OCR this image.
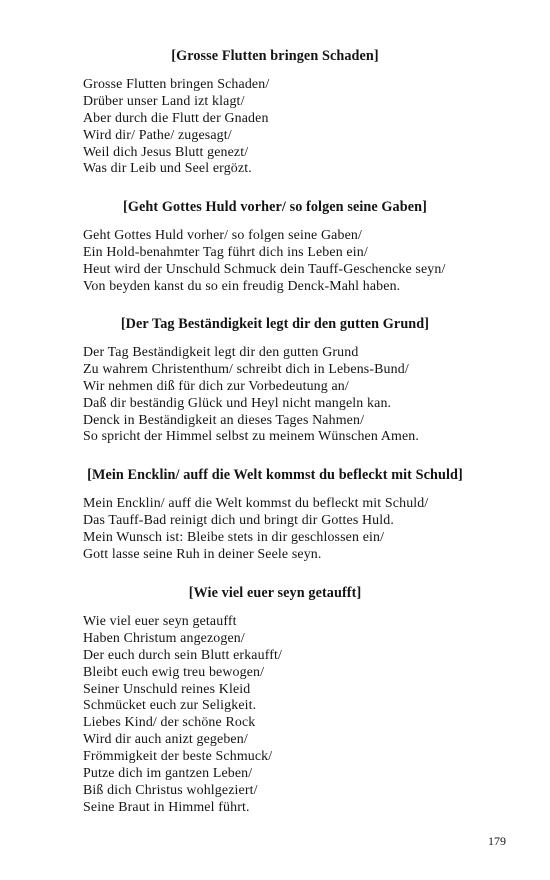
[Grosse Flutten bringen Schaden]
Grosse Flutten bringen Schaden/
Drüber unser Land izt klagt/
Aber durch die Flutt der Gnaden
Wird dir/ Pathe/ zugesagt/
Weil dich Jesus Blutt genezt/
Was dir Leib und Seel ergözt.
[Geht Gottes Huld vorher/ so folgen seine Gaben]
Geht Gottes Huld vorher/ so folgen seine Gaben/
Ein Hold-benahmter Tag führt dich ins Leben ein/
Heut wird der Unschuld Schmuck dein Tauff-Geschencke seyn/
Von beyden kanst du so ein freudig Denck-Mahl haben.
[Der Tag Beständigkeit legt dir den gutten Grund]
Der Tag Beständigkeit legt dir den gutten Grund
Zu wahrem Christenthum/ schreibt dich in Lebens-Bund/
Wir nehmen diß für dich zur Vorbedeutung an/
Daß dir beständig Glück und Heyl nicht mangeln kan.
Denck in Beständigkeit an dieses Tages Nahmen/
So spricht der Himmel selbst zu meinem Wünschen Amen.
[Mein Encklin/ auff die Welt kommst du befleckt mit Schuld]
Mein Encklin/ auff die Welt kommst du befleckt mit Schuld/
Das Tauff-Bad reinigt dich und bringt dir Gottes Huld.
Mein Wunsch ist: Bleibe stets in dir geschlossen ein/
Gott lasse seine Ruh in deiner Seele seyn.
[Wie viel euer seyn getaufft]
Wie viel euer seyn getaufft
Haben Christum angezogen/
Der euch durch sein Blutt erkaufft/
Bleibt euch ewig treu bewogen/
Seiner Unschuld reines Kleid
Schmücket euch zur Seligkeit.
Liebes Kind/ der schöne Rock
Wird dir auch anizt gegeben/
Frömmigkeit der beste Schmuck/
Putze dich im gantzen Leben/
Biß dich Christus wohlgeziert/
Seine Braut in Himmel führt.
179
